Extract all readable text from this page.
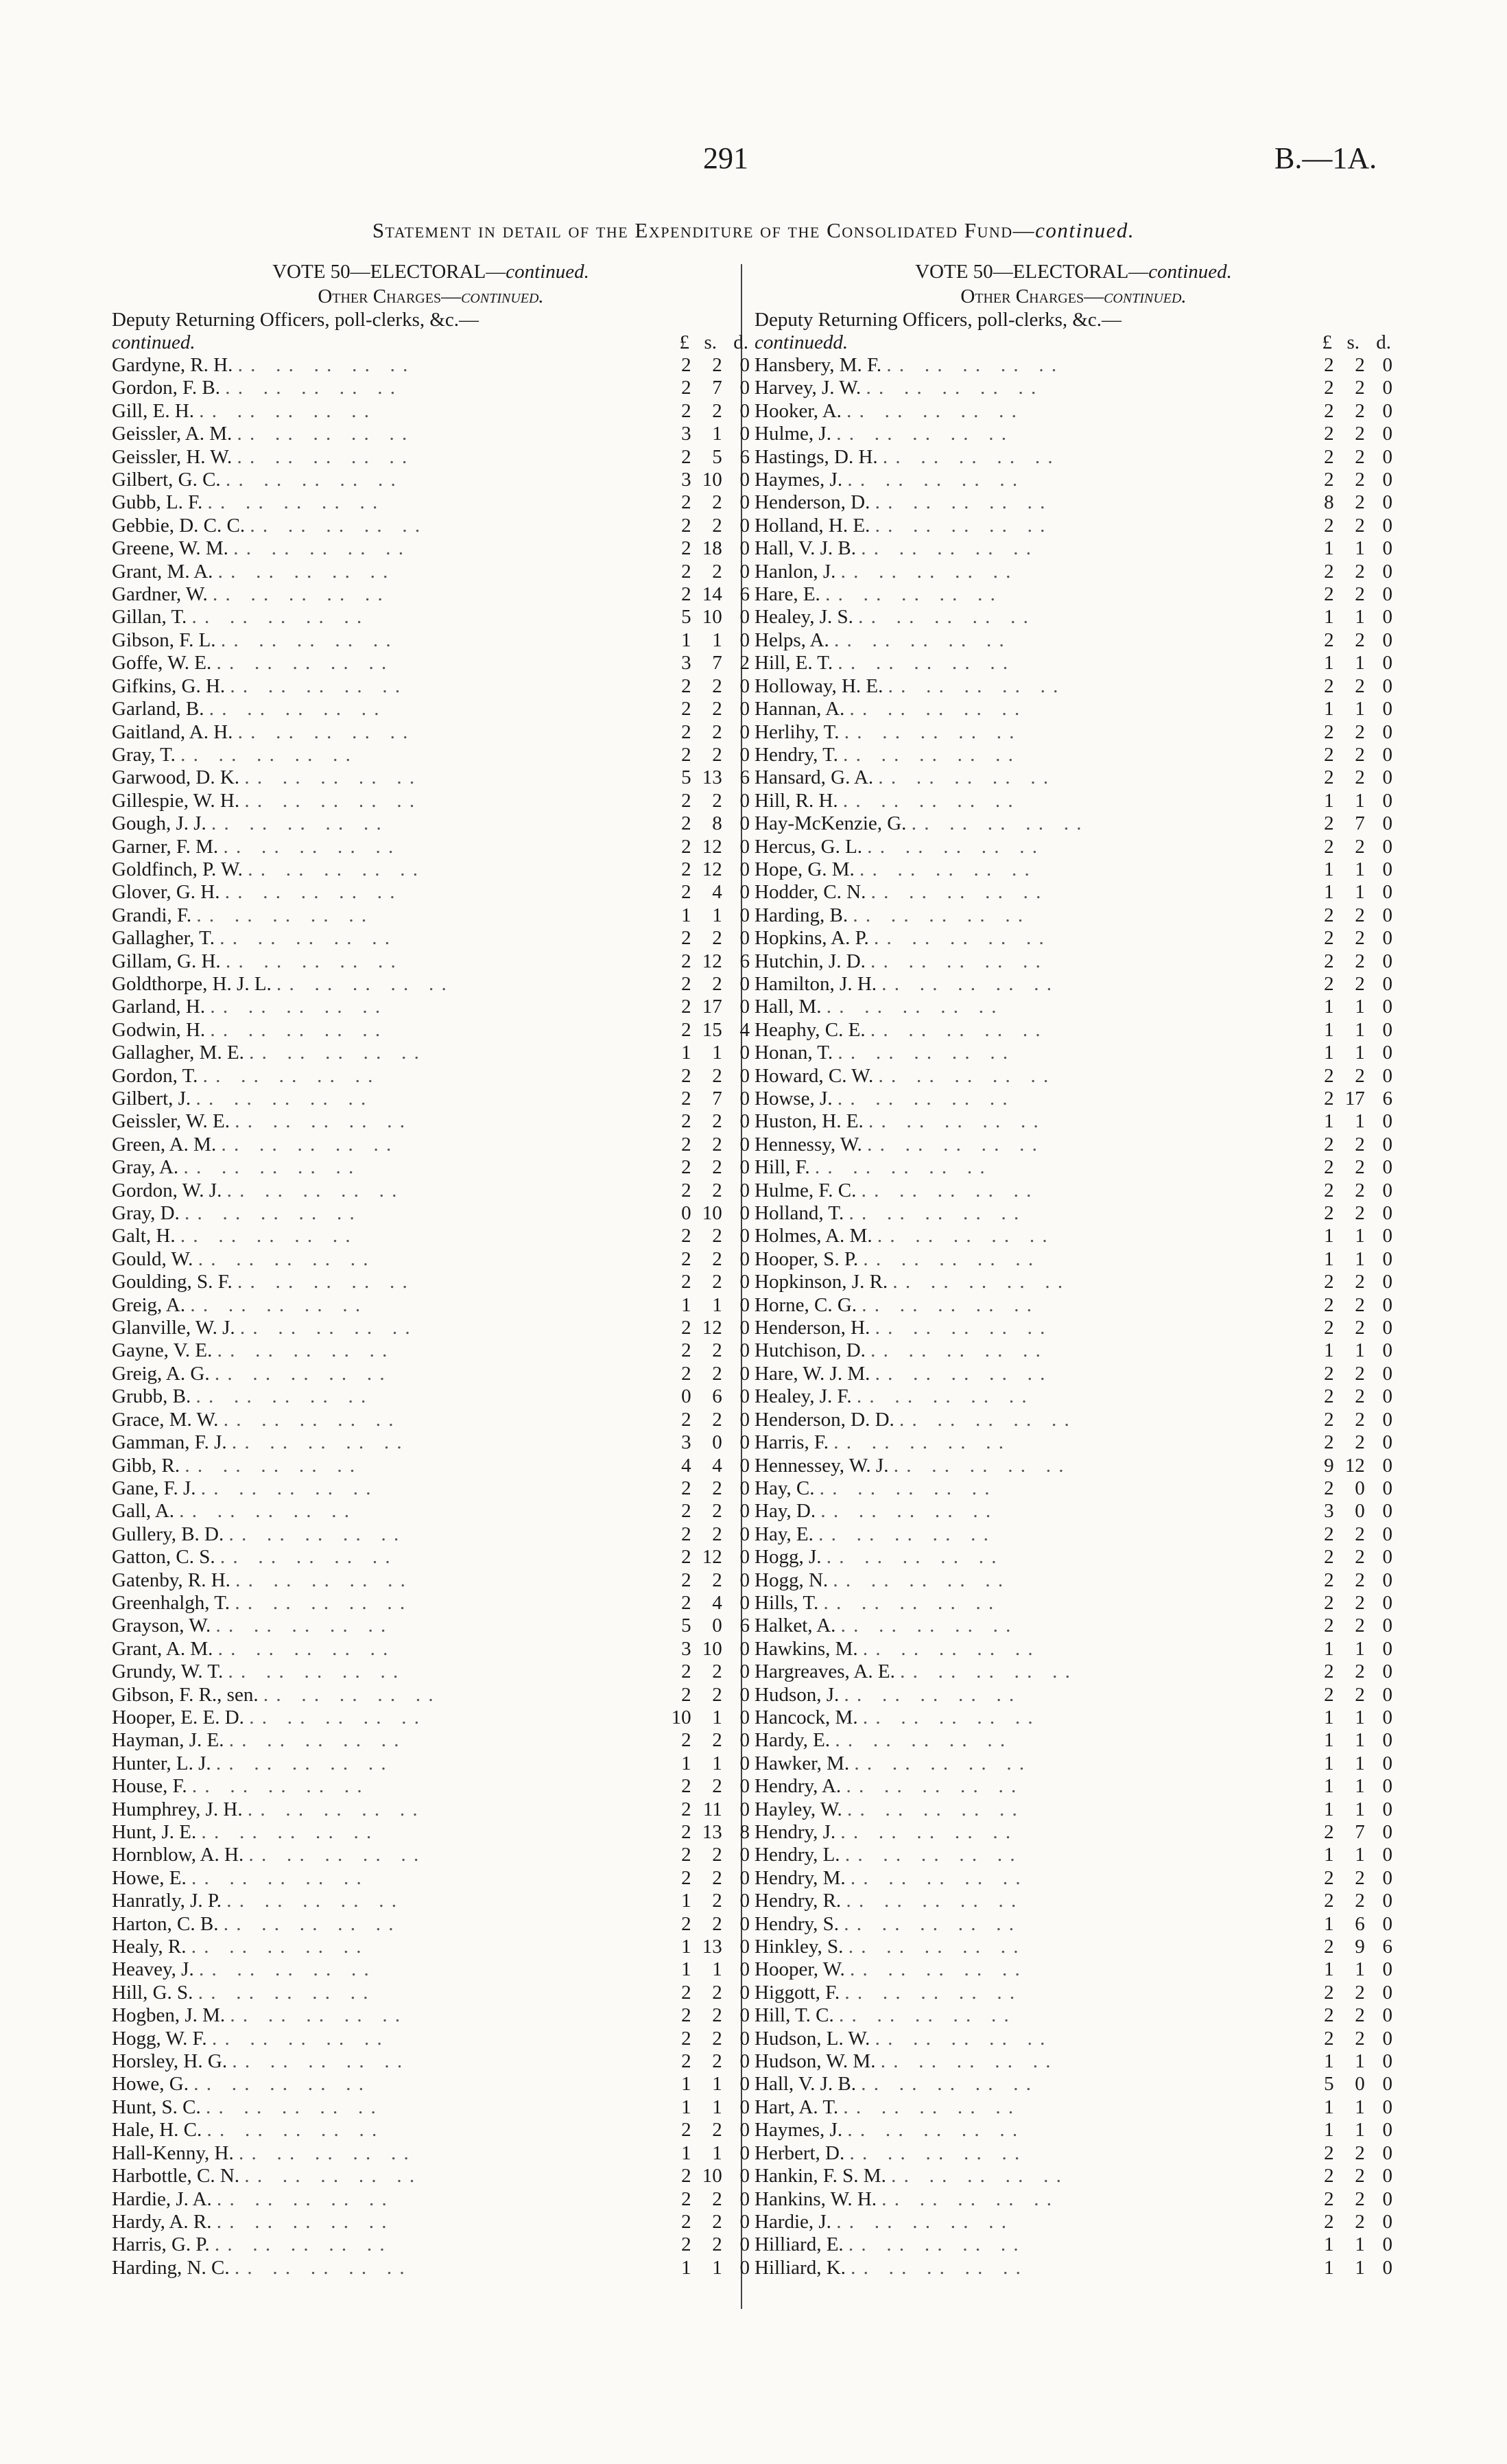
291	B.—1A.
Statement in detail of the Expenditure of the Consolidated Fund—continued.
VOTE 50—ELECTORAL—continued.
Other Charges—continued.
Deputy Returning Officers, poll-clerks, &c.—
continued.	£ s. d.
Gardyne, R. H. . .   . .   . .   . .   . .	2	2	0
Gordon, F. B. . .   . .   . .   . .   . .	2	7	0
Gill, E. H. . .   . .   . .   . .   . .	2	2	0
Geissler, A. M. . .   . .   . .   . .   . .	3	1	0
Geissler, H. W. . .   . .   . .   . .   . .	2	5	6
Gilbert, G. C. . .   . .   . .   . .   . .	3	10	0
Gubb, L. F. . .   . .   . .   . .   . .	2	2	0
Gebbie, D. C. C. . .   . .   . .   . .   . .	2	2	0
Greene, W. M. . .   . .   . .   . .   . .	2	18	0
Grant, M. A. . .   . .   . .   . .   . .	2	2	0
Gardner, W. . .   . .   . .   . .   . .	2	14	6
Gillan, T. . .   . .   . .   . .   . .	5	10	0
Gibson, F. L. . .   . .   . .   . .   . .	1	1	0
Goffe, W. E. . .   . .   . .   . .   . .	3	7	2
Gifkins, G. H. . .   . .   . .   . .   . .	2	2	0
Garland, B. . .   . .   . .   . .   . .	2	2	0
Gaitland, A. H. . .   . .   . .   . .   . .	2	2	0
Gray, T. . .   . .   . .   . .   . .	2	2	0
Garwood, D. K. . .   . .   . .   . .   . .	5	13	6
Gillespie, W. H. . .   . .   . .   . .   . .	2	2	0
Gough, J. J. . .   . .   . .   . .   . .	2	8	0
Garner, F. M. . .   . .   . .   . .   . .	2	12	0
Goldfinch, P. W. . .   . .   . .   . .   . .	2	12	0
Glover, G. H. . .   . .   . .   . .   . .	2	4	0
Grandi, F. . .   . .   . .   . .   . .	1	1	0
Gallagher, T. . .   . .   . .   . .   . .	2	2	0
Gillam, G. H. . .   . .   . .   . .   . .	2	12	6
Goldthorpe, H. J. L. . .   . .   . .   . .   . .	2	2	0
Garland, H. . .   . .   . .   . .   . .	2	17	0
Godwin, H. . .   . .   . .   . .   . .	2	15	4
Gallagher, M. E. . .   . .   . .   . .   . .	1	1	0
Gordon, T. . .   . .   . .   . .   . .	2	2	0
Gilbert, J. . .   . .   . .   . .   . .	2	7	0
Geissler, W. E. . .   . .   . .   . .   . .	2	2	0
Green, A. M. . .   . .   . .   . .   . .	2	2	0
Gray, A. . .   . .   . .   . .   . .	2	2	0
Gordon, W. J. . .   . .   . .   . .   . .	2	2	0
Gray, D. . .   . .   . .   . .   . .	0	10	0
Galt, H. . .   . .   . .   . .   . .	2	2	0
Gould, W. . .   . .   . .   . .   . .	2	2	0
Goulding, S. F. . .   . .   . .   . .   . .	2	2	0
Greig, A. . .   . .   . .   . .   . .	1	1	0
Glanville, W. J. . .   . .   . .   . .   . .	2	12	0
Gayne, V. E. . .   . .   . .   . .   . .	2	2	0
Greig, A. G. . .   . .   . .   . .   . .	2	2	0
Grubb, B. . .   . .   . .   . .   . .	0	6	0
Grace, M. W. . .   . .   . .   . .   . .	2	2	0
Gamman, F. J. . .   . .   . .   . .   . .	3	0	0
Gibb, R. . .   . .   . .   . .   . .	4	4	0
Gane, F. J. . .   . .   . .   . .   . .	2	2	0
Gall, A. . .   . .   . .   . .   . .	2	2	0
Gullery, B. D. . .   . .   . .   . .   . .	2	2	0
Gatton, C. S. . .   . .   . .   . .   . .	2	12	0
Gatenby, R. H. . .   . .   . .   . .   . .	2	2	0
Greenhalgh, T. . .   . .   . .   . .   . .	2	4	0
Grayson, W. . .   . .   . .   . .   . .	5	0	6
Grant, A. M. . .   . .   . .   . .   . .	3	10	0
Grundy, W. T. . .   . .   . .   . .   . .	2	2	0
Gibson, F. R., sen. . .   . .   . .   . .   . .	2	2	0
Hooper, E. E. D. . .   . .   . .   . .   . .	10	1	0
Hayman, J. E. . .   . .   . .   . .   . .	2	2	0
Hunter, L. J. . .   . .   . .   . .   . .	1	1	0
House, F. . .   . .   . .   . .   . .	2	2	0
Humphrey, J. H. . .   . .   . .   . .   . .	2	11	0
Hunt, J. E. . .   . .   . .   . .   . .	2	13	8
Hornblow, A. H. . .   . .   . .   . .   . .	2	2	0
Howe, E. . .   . .   . .   . .   . .	2	2	0
Hanratly, J. P. . .   . .   . .   . .   . .	1	2	0
Harton, C. B. . .   . .   . .   . .   . .	2	2	0
Healy, R. . .   . .   . .   . .   . .	1	13	0
Heavey, J. . .   . .   . .   . .   . .	1	1	0
Hill, G. S. . .   . .   . .   . .   . .	2	2	0
Hogben, J. M. . .   . .   . .   . .   . .	2	2	0
Hogg, W. F. . .   . .   . .   . .   . .	2	2	0
Horsley, H. G. . .   . .   . .   . .   . .	2	2	0
Howe, G. . .   . .   . .   . .   . .	1	1	0
Hunt, S. C. . .   . .   . .   . .   . .	1	1	0
Hale, H. C. . .   . .   . .   . .   . .	2	2	0
Hall-Kenny, H. . .   . .   . .   . .   . .	1	1	0
Harbottle, C. N. . .   . .   . .   . .   . .	2	10	0
Hardie, J. A. . .   . .   . .   . .   . .	2	2	0
Hardy, A. R. . .   . .   . .   . .   . .	2	2	0
Harris, G. P. . .   . .   . .   . .   . .	2	2	0
Harding, N. C. . .   . .   . .   . .   . .	1	1	0
VOTE 50—ELECTORAL—continued.
Other Charges—continued.
Deputy Returning Officers, poll-clerks, &c.—
continuedd.	£ s. d.
Hansbery, M. F. . .   . .   . .   . .   . .	2	2	0
Harvey, J. W. . .   . .   . .   . .   . .	2	2	0
Hooker, A. . .   . .   . .   . .   . .	2	2	0
Hulme, J. . .   . .   . .   . .   . .	2	2	0
Hastings, D. H. . .   . .   . .   . .   . .	2	2	0
Haymes, J. . .   . .   . .   . .   . .	2	2	0
Henderson, D. . .   . .   . .   . .   . .	8	2	0
Holland, H. E. . .   . .   . .   . .   . .	2	2	0
Hall, V. J. B. . .   . .   . .   . .   . .	1	1	0
Hanlon, J. . .   . .   . .   . .   . .	2	2	0
Hare, E. . .   . .   . .   . .   . .	2	2	0
Healey, J. S. . .   . .   . .   . .   . .	1	1	0
Helps, A. . .   . .   . .   . .   . .	2	2	0
Hill, E. T. . .   . .   . .   . .   . .	1	1	0
Holloway, H. E. . .   . .   . .   . .   . .	2	2	0
Hannan, A. . .   . .   . .   . .   . .	1	1	0
Herlihy, T. . .   . .   . .   . .   . .	2	2	0
Hendry, T. . .   . .   . .   . .   . .	2	2	0
Hansard, G. A. . .   . .   . .   . .   . .	2	2	0
Hill, R. H. . .   . .   . .   . .   . .	1	1	0
Hay-McKenzie, G. . .   . .   . .   . .   . .	2	7	0
Hercus, G. L. . .   . .   . .   . .   . .	2	2	0
Hope, G. M. . .   . .   . .   . .   . .	1	1	0
Hodder, C. N. . .   . .   . .   . .   . .	1	1	0
Harding, B. . .   . .   . .   . .   . .	2	2	0
Hopkins, A. P. . .   . .   . .   . .   . .	2	2	0
Hutchin, J. D. . .   . .   . .   . .   . .	2	2	0
Hamilton, J. H. . .   . .   . .   . .   . .	2	2	0
Hall, M. . .   . .   . .   . .   . .	1	1	0
Heaphy, C. E. . .   . .   . .   . .   . .	1	1	0
Honan, T. . .   . .   . .   . .   . .	1	1	0
Howard, C. W. . .   . .   . .   . .   . .	2	2	0
Howse, J. . .   . .   . .   . .   . .	2	17	6
Huston, H. E. . .   . .   . .   . .   . .	1	1	0
Hennessy, W. . .   . .   . .   . .   . .	2	2	0
Hill, F. . .   . .   . .   . .   . .	2	2	0
Hulme, F. C. . .   . .   . .   . .   . .	2	2	0
Holland, T. . .   . .   . .   . .   . .	2	2	0
Holmes, A. M. . .   . .   . .   . .   . .	1	1	0
Hooper, S. P. . .   . .   . .   . .   . .	1	1	0
Hopkinson, J. R. . .   . .   . .   . .   . .	2	2	0
Horne, C. G. . .   . .   . .   . .   . .	2	2	0
Henderson, H. . .   . .   . .   . .   . .	2	2	0
Hutchison, D. . .   . .   . .   . .   . .	1	1	0
Hare, W. J. M. . .   . .   . .   . .   . .	2	2	0
Healey, J. F. . .   . .   . .   . .   . .	2	2	0
Henderson, D. D. . .   . .   . .   . .   . .	2	2	0
Harris, F. . .   . .   . .   . .   . .	2	2	0
Hennessey, W. J. . .   . .   . .   . .   . .	9	12	0
Hay, C. . .   . .   . .   . .   . .	2	0	0
Hay, D. . .   . .   . .   . .   . .	3	0	0
Hay, E. . .   . .   . .   . .   . .	2	2	0
Hogg, J. . .   . .   . .   . .   . .	2	2	0
Hogg, N. . .   . .   . .   . .   . .	2	2	0
Hills, T. . .   . .   . .   . .   . .	2	2	0
Halket, A. . .   . .   . .   . .   . .	2	2	0
Hawkins, M. . .   . .   . .   . .   . .	1	1	0
Hargreaves, A. E. . .   . .   . .   . .   . .	2	2	0
Hudson, J. . .   . .   . .   . .   . .	2	2	0
Hancock, M. . .   . .   . .   . .   . .	1	1	0
Hardy, E. . .   . .   . .   . .   . .	1	1	0
Hawker, M. . .   . .   . .   . .   . .	1	1	0
Hendry, A. . .   . .   . .   . .   . .	1	1	0
Hayley, W. . .   . .   . .   . .   . .	1	1	0
Hendry, J. . .   . .   . .   . .   . .	2	7	0
Hendry, L. . .   . .   . .   . .   . .	1	1	0
Hendry, M. . .   . .   . .   . .   . .	2	2	0
Hendry, R. . .   . .   . .   . .   . .	2	2	0
Hendry, S. . .   . .   . .   . .   . .	1	6	0
Hinkley, S. . .   . .   . .   . .   . .	2	9	6
Hooper, W. . .   . .   . .   . .   . .	1	1	0
Higgott, F. . .   . .   . .   . .   . .	2	2	0
Hill, T. C. . .   . .   . .   . .   . .	2	2	0
Hudson, L. W. . .   . .   . .   . .   . .	2	2	0
Hudson, W. M. . .   . .   . .   . .   . .	1	1	0
Hall, V. J. B. . .   . .   . .   . .   . .	5	0	0
Hart, A. T. . .   . .   . .   . .   . .	1	1	0
Haymes, J. . .   . .   . .   . .   . .	1	1	0
Herbert, D. . .   . .   . .   . .   . .	2	2	0
Hankin, F. S. M. . .   . .   . .   . .   . .	2	2	0
Hankins, W. H. . .   . .   . .   . .   . .	2	2	0
Hardie, J. . .   . .   . .   . .   . .	2	2	0
Hilliard, E. . .   . .   . .   . .   . .	1	1	0
Hilliard, K. . .   . .   . .   . .   . .	1	1	0
